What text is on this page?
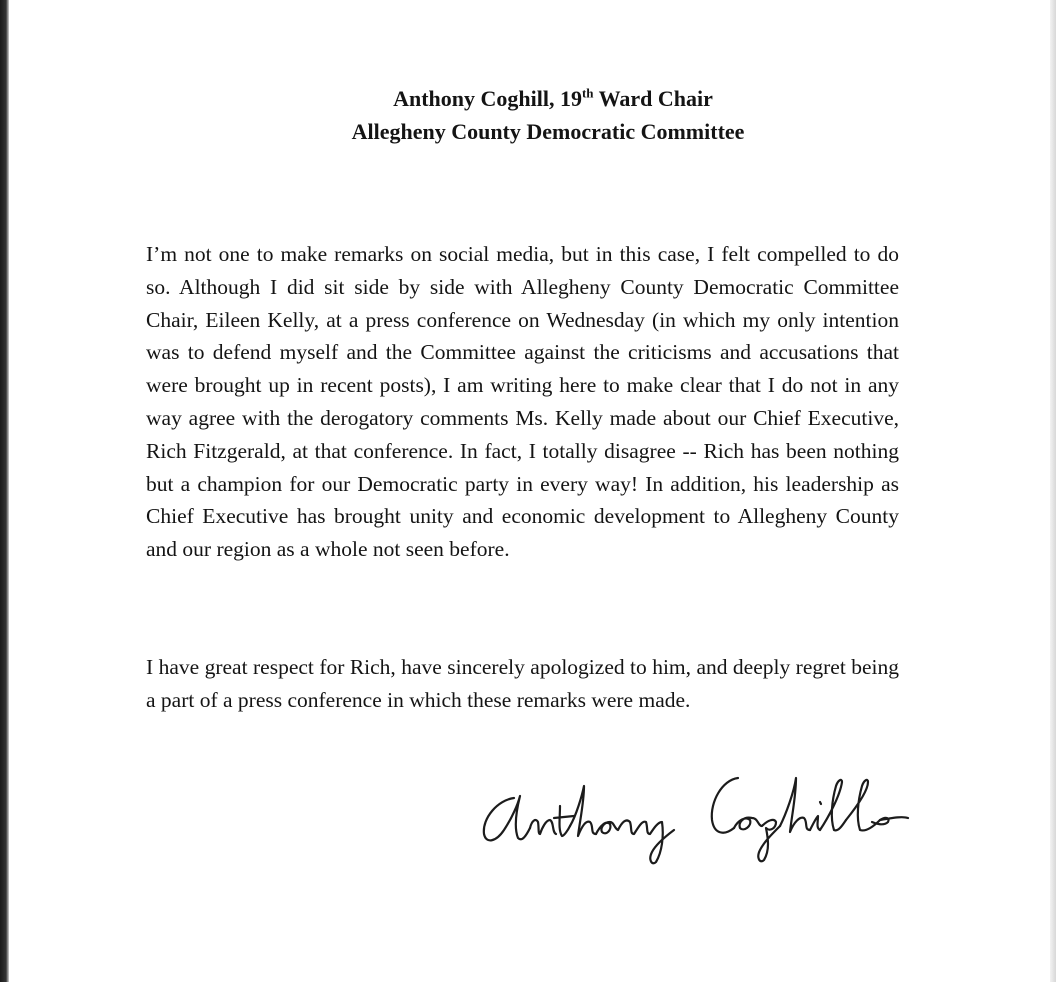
Anthony Coghill, 19th Ward Chair
Allegheny County Democratic Committee

I’m not one to make remarks on social media, but in this case, I felt compelled to do so. Although I did sit side by side with Allegheny County Democratic Committee Chair, Eileen Kelly, at a press conference on Wednesday (in which my only intention was to defend myself and the Committee against the criticisms and accusations that were brought up in recent posts), I am writing here to make clear that I do not in any way agree with the derogatory comments Ms. Kelly made about our Chief Executive, Rich Fitzgerald, at that conference. In fact, I totally disagree -- Rich has been nothing but a champion for our Democratic party in every way! In addition, his leadership as Chief Executive has brought unity and economic development to Allegheny County and our region as a whole not seen before.

I have great respect for Rich, have sincerely apologized to him, and deeply regret being a part of a press conference in which these remarks were made.
